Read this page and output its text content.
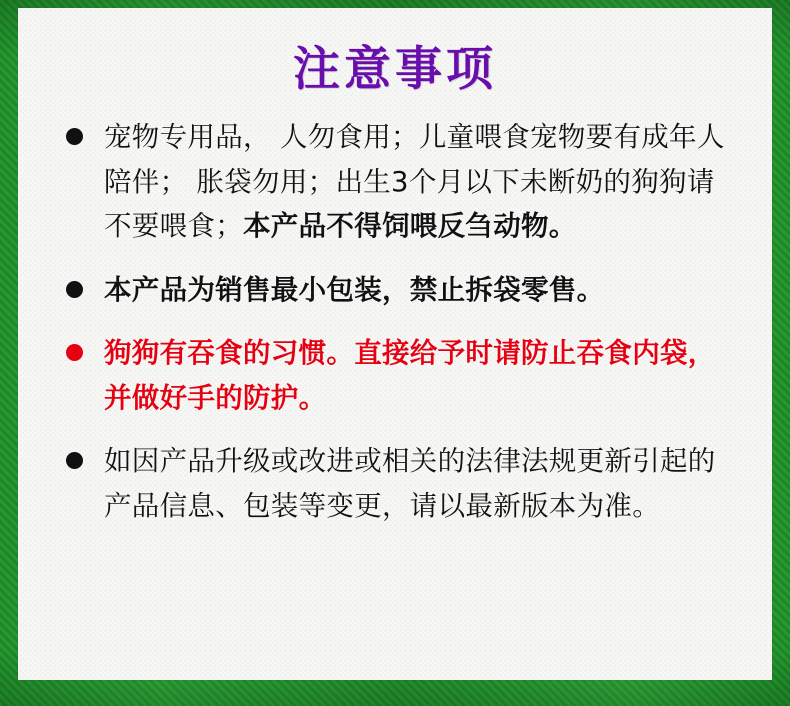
注意事项
宠物专用品， 人勿食用；儿童喂食宠物要有成年人陪伴； 胀袋勿用；出生3个月以下未断奶的狗狗请不要喂食；本产品不得饲喂反刍动物。
本产品为销售最小包装，禁止拆袋零售。
狗狗有吞食的习惯。直接给予时请防止吞食内袋，并做好手的防护。
如因产品升级或改进或相关的法律法规更新引起的产品信息、包装等变更，请以最新版本为准。
